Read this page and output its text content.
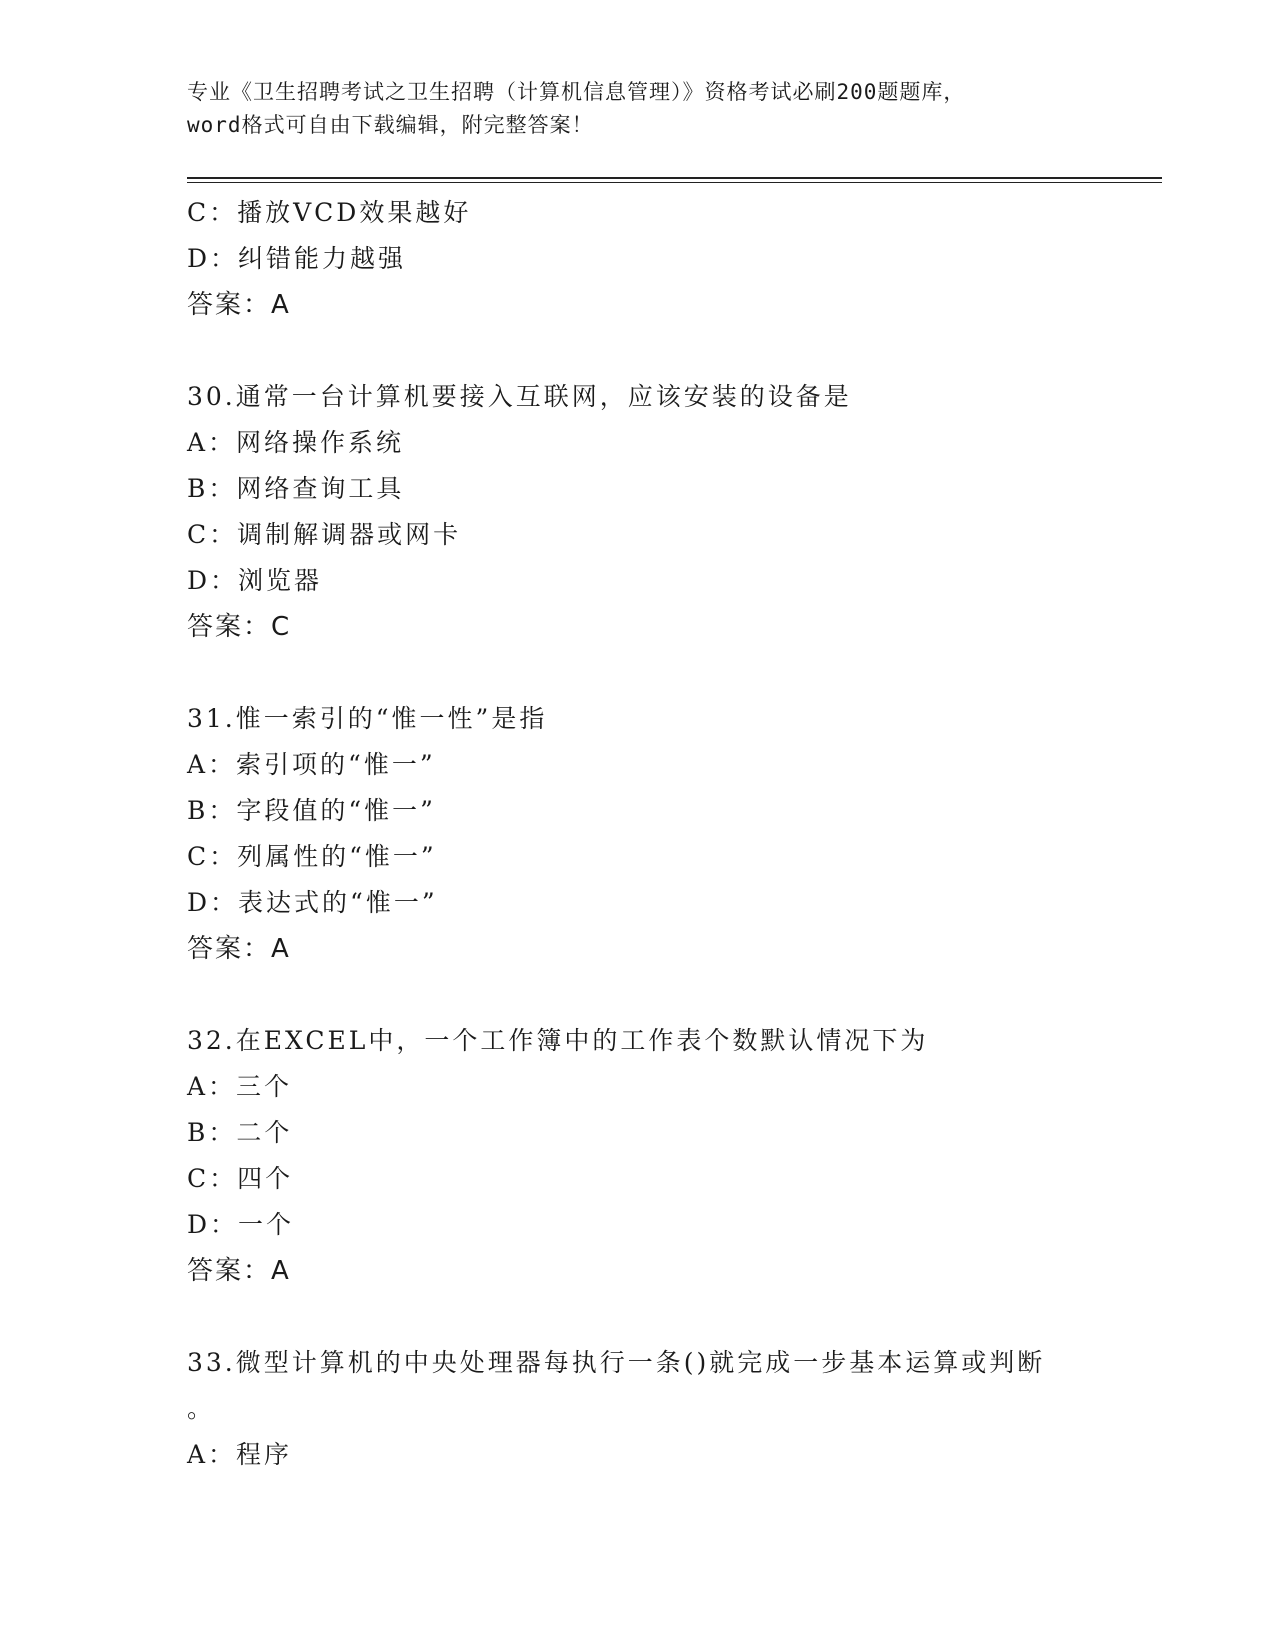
专业《卫生招聘考试之卫生招聘（计算机信息管理）》资格考试必刷200题题库，
word格式可自由下载编辑，附完整答案！
C：播放VCD效果越好
D：纠错能力越强
答案：A
30.通常一台计算机要接入互联网，应该安装的设备是
A：网络操作系统
B：网络查询工具
C：调制解调器或网卡
D：浏览器
答案：C
31.惟一索引的“惟一性”是指
A：索引项的“惟一”
B：字段值的“惟一”
C：列属性的“惟一”
D：表达式的“惟一”
答案：A
32.在EXCEL中，一个工作簿中的工作表个数默认情况下为
A：三个
B：二个
C：四个
D：一个
答案：A
33.微型计算机的中央处理器每执行一条()就完成一步基本运算或判断
。
A：程序
